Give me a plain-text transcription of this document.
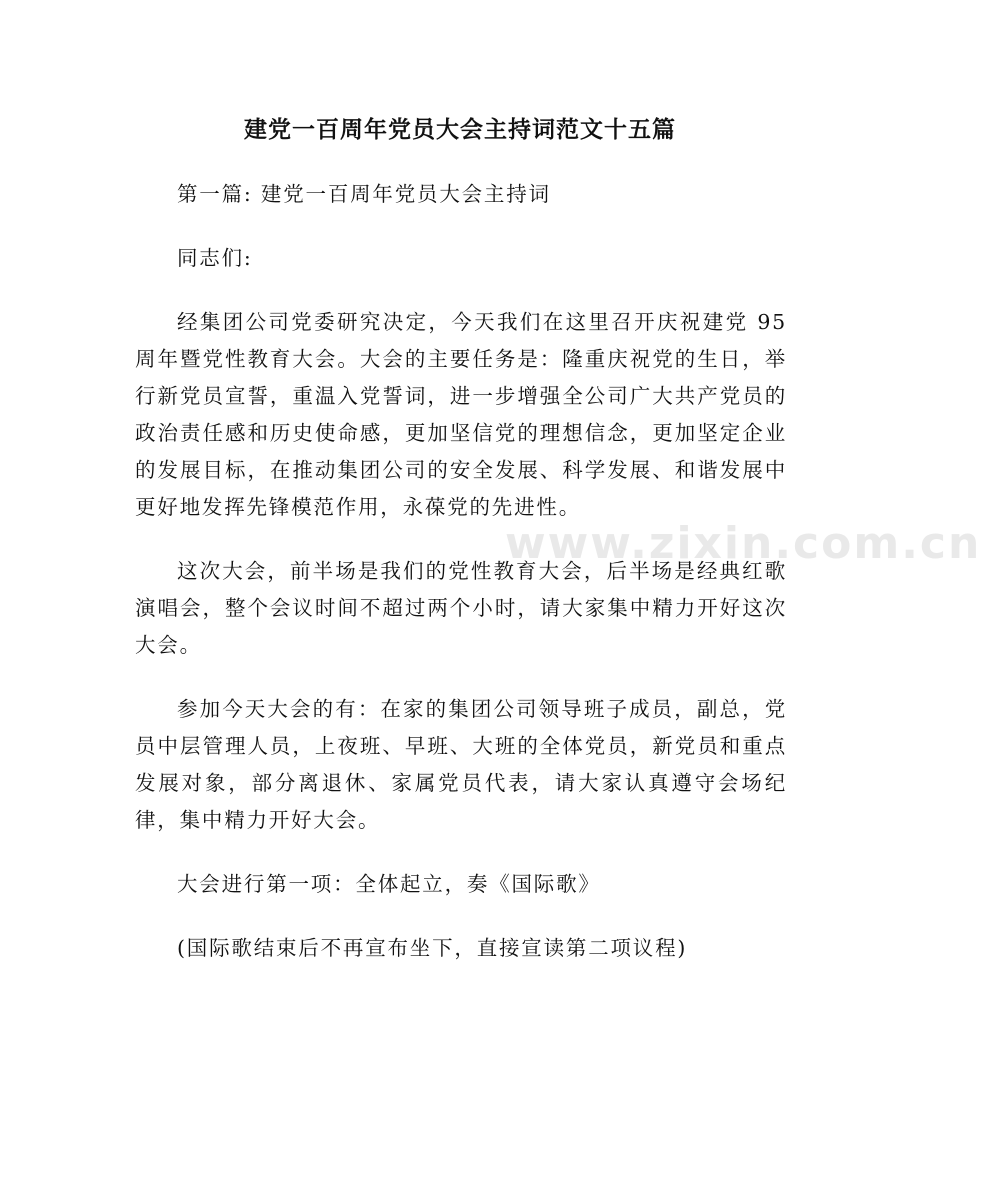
www.zixin.com.cn
建党一百周年党员大会主持词范文十五篇

第一篇: 建党一百周年党员大会主持词

同志们:

经集团公司党委研究决定，今天我们在这里召开庆祝建党 95 周年暨党性教育大会。大会的主要任务是：隆重庆祝党的生日，举行新党员宣誓，重温入党誓词，进一步增强全公司广大共产党员的政治责任感和历史使命感，更加坚信党的理想信念，更加坚定企业的发展目标，在推动集团公司的安全发展、科学发展、和谐发展中更好地发挥先锋模范作用，永葆党的先进性。

这次大会，前半场是我们的党性教育大会，后半场是经典红歌演唱会，整个会议时间不超过两个小时，请大家集中精力开好这次大会。

参加今天大会的有：在家的集团公司领导班子成员，副总，党员中层管理人员，上夜班、早班、大班的全体党员，新党员和重点发展对象，部分离退休、家属党员代表，请大家认真遵守会场纪律，集中精力开好大会。

大会进行第一项：全体起立，奏《国际歌》

(国际歌结束后不再宣布坐下，直接宣读第二项议程)
